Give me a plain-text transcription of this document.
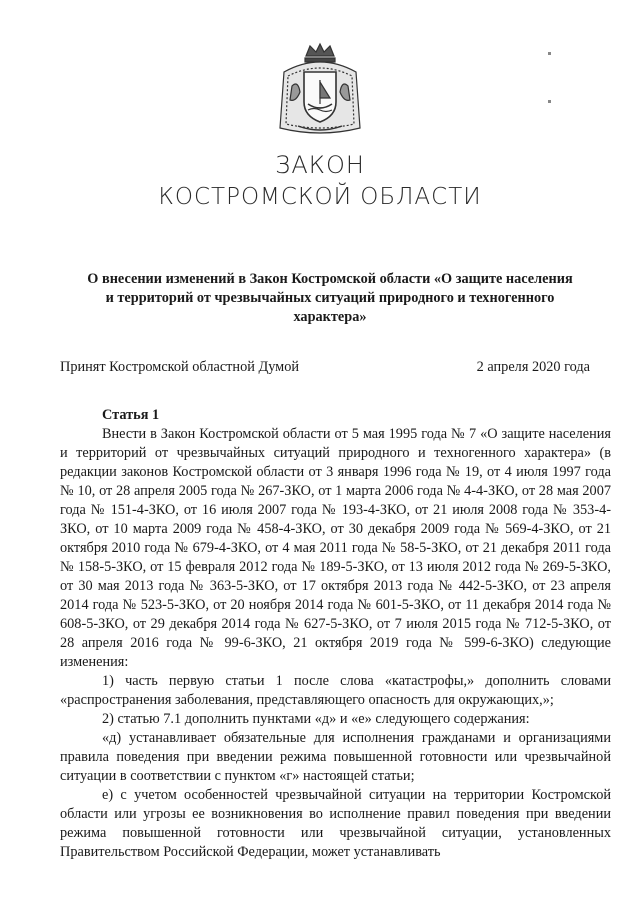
ЗАКОН
КОСТРОМСКОЙ ОБЛАСТИ
О внесении изменений в Закон Костромской области «О защите населения
и территорий от чрезвычайных ситуаций природного и техногенного
характера»
Принят Костромской областной Думой	2 апреля 2020 года
Статья 1

Внести в Закон Костромской области от 5 мая 1995 года № 7 «О защите населения и территорий от чрезвычайных ситуаций природного и техногенного характера» (в редакции законов Костромской области от 3 января 1996 года № 19, от 4 июля 1997 года № 10, от 28 апреля 2005 года № 267-ЗКО, от 1 марта 2006 года № 4-4-ЗКО, от 28 мая 2007 года № 151-4-ЗКО, от 16 июля 2007 года № 193-4-ЗКО, от 21 июля 2008 года № 353-4-ЗКО, от 10 марта 2009 года № 458-4-ЗКО, от 30 декабря 2009 года № 569-4-ЗКО, от 21 октября 2010 года № 679-4-ЗКО, от 4 мая 2011 года № 58-5-ЗКО, от 21 декабря 2011 года № 158-5-ЗКО, от 15 февраля 2012 года № 189-5-ЗКО, от 13 июля 2012 года № 269-5-ЗКО, от 30 мая 2013 года № 363-5-ЗКО, от 17 октября 2013 года № 442-5-ЗКО, от 23 апреля 2014 года № 523-5-ЗКО, от 20 ноября 2014 года № 601-5-ЗКО, от 11 декабря 2014 года № 608-5-ЗКО, от 29 декабря 2014 года № 627-5-ЗКО, от 7 июля 2015 года № 712-5-ЗКО, от 28 апреля 2016 года № 99-6-ЗКО, 21 октября 2019 года № 599-6-ЗКО) следующие изменения:

1) часть первую статьи 1 после слова «катастрофы,» дополнить словами «распространения заболевания, представляющего опасность для окружающих,»;

2) статью 7.1 дополнить пунктами «д» и «е» следующего содержания:

«д) устанавливает обязательные для исполнения гражданами и организациями правила поведения при введении режима повышенной готовности или чрезвычайной ситуации в соответствии с пунктом «г» настоящей статьи;

е) с учетом особенностей чрезвычайной ситуации на территории Костромской области или угрозы ее возникновения во исполнение правил поведения при введении режима повышенной готовности или чрезвычайной ситуации, установленных Правительством Российской Федерации, может устанавливать
